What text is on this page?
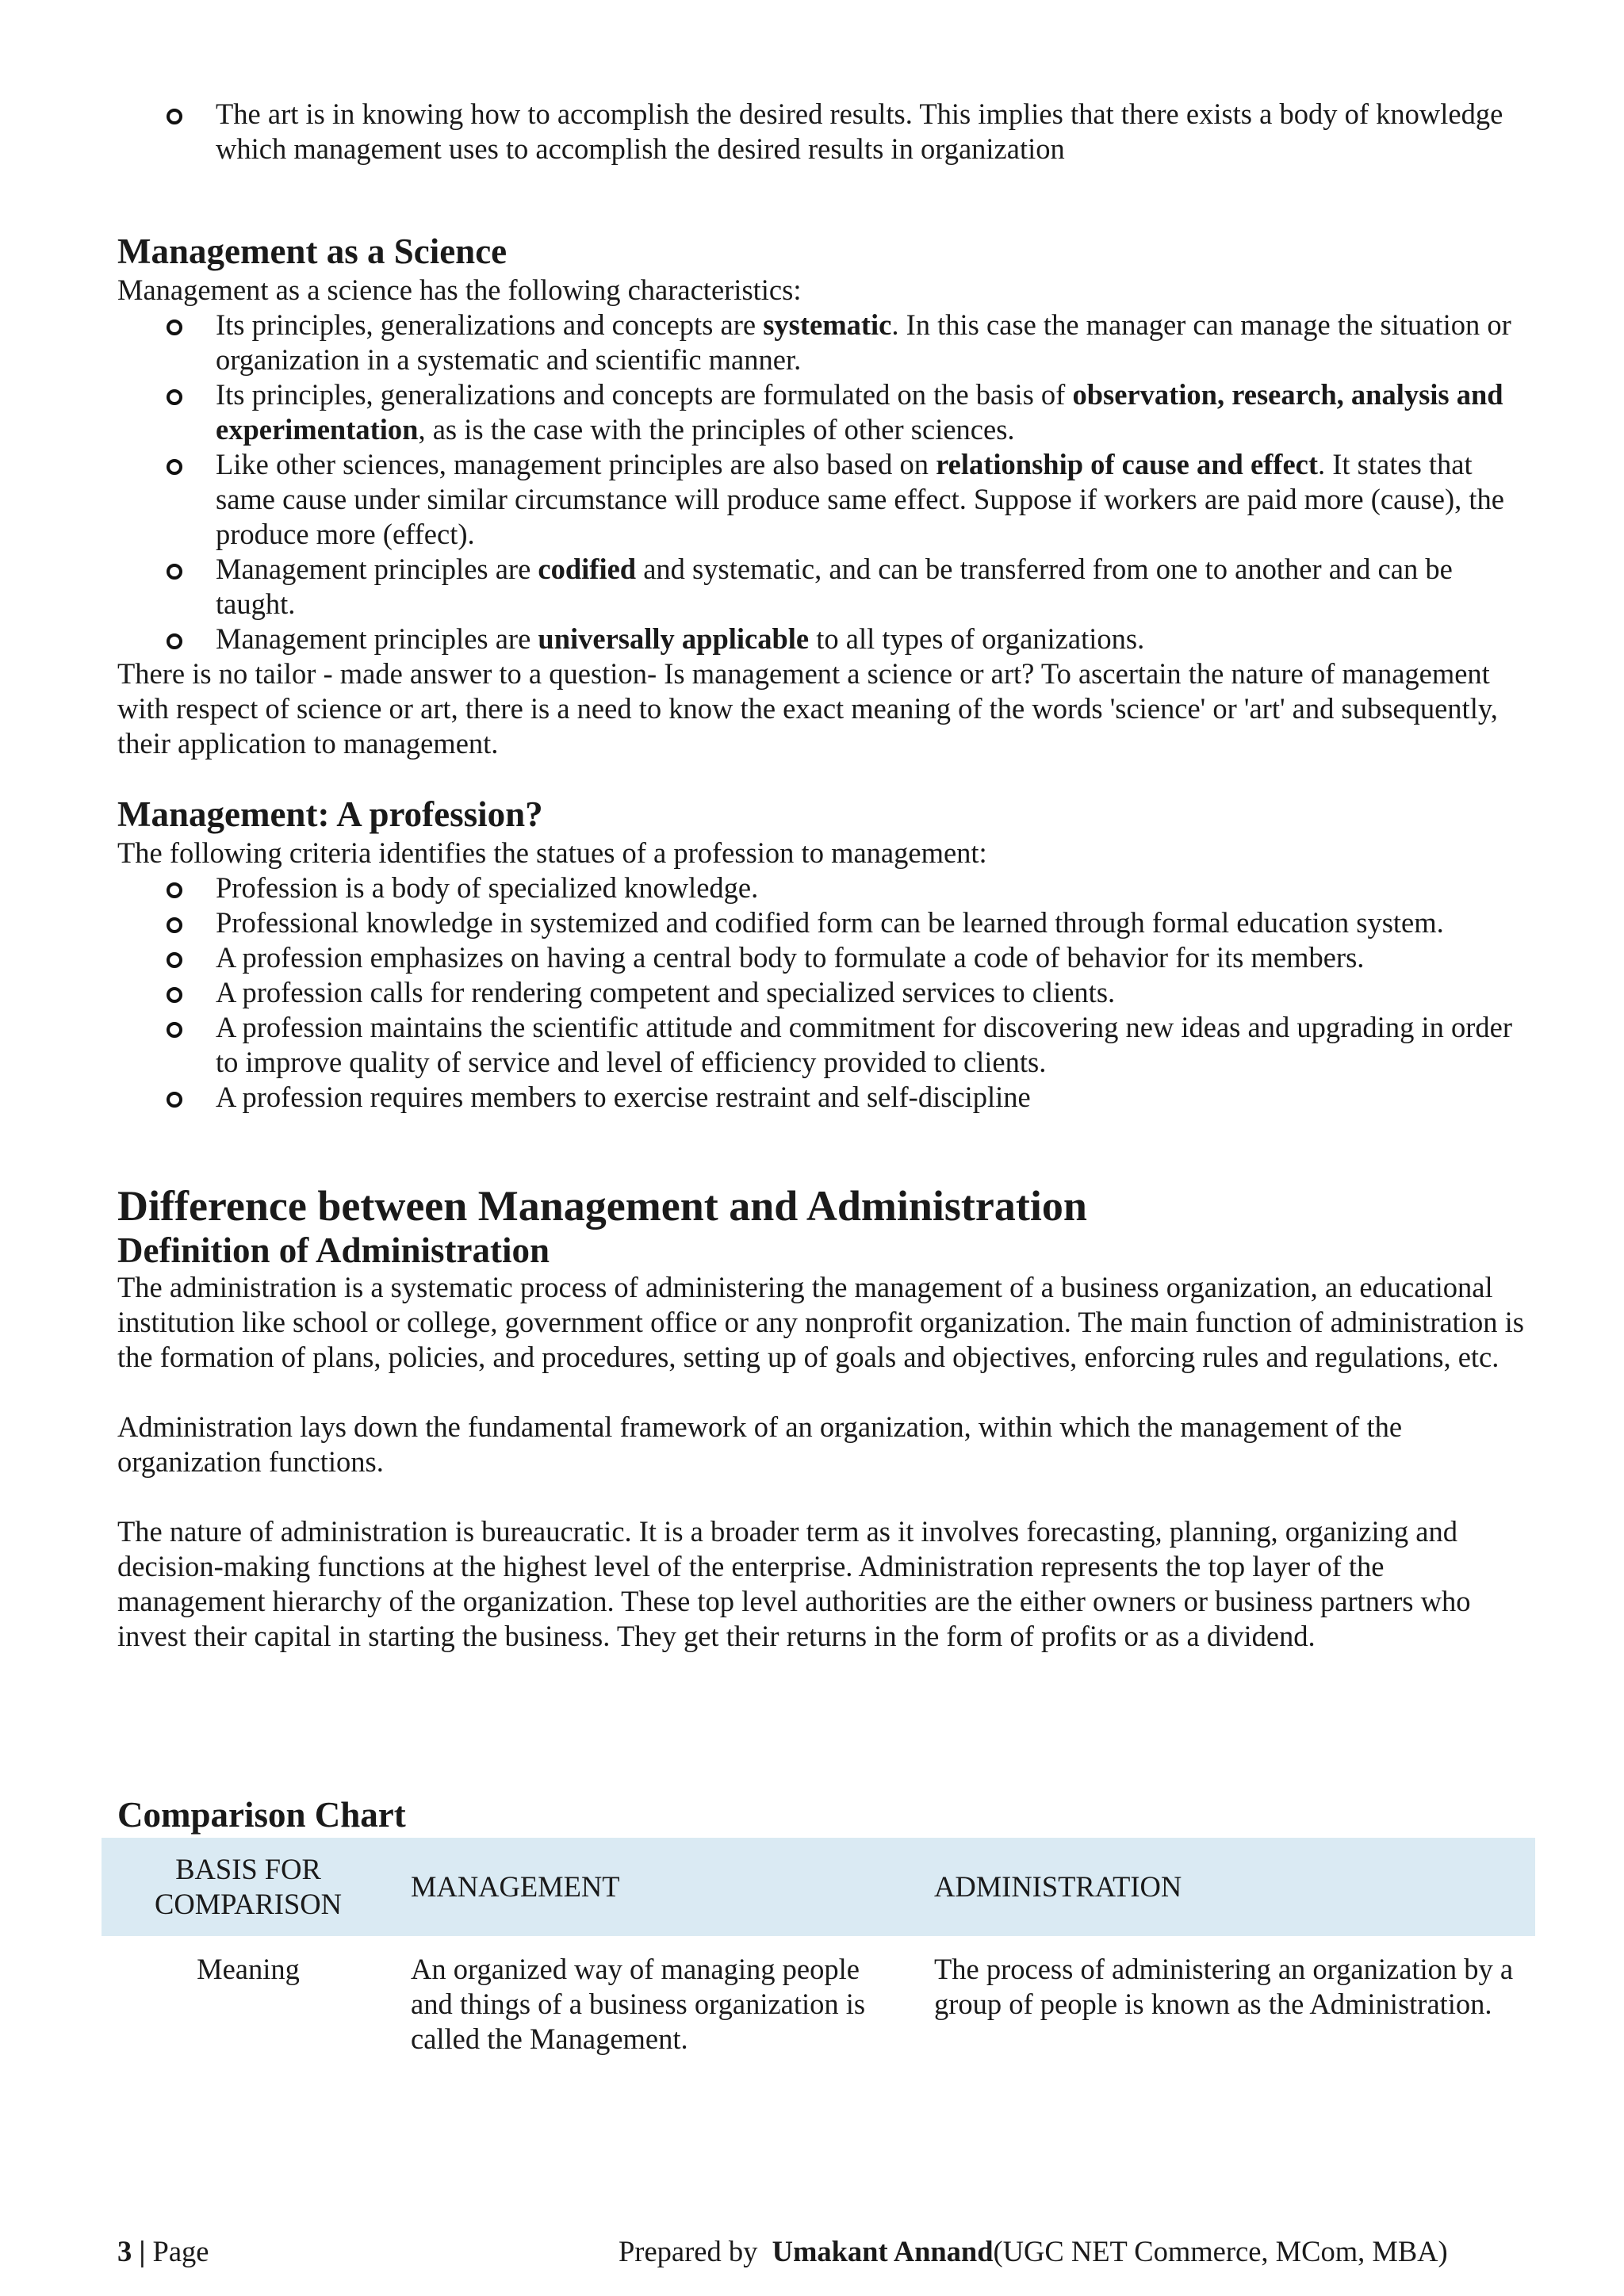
The art is in knowing how to accomplish the desired results. This implies that there exists a body of knowledge which management uses to accomplish the desired results in organization
Management as a Science

Management as a science has the following characteristics:

Its principles, generalizations and concepts are systematic. In this case the manager can manage the situation or organization in a systematic and scientific manner.
Its principles, generalizations and concepts are formulated on the basis of observation, research, analysis and experimentation, as is the case with the principles of other sciences.
Like other sciences, management principles are also based on relationship of cause and effect. It states that same cause under similar circumstance will produce same effect. Suppose if workers are paid more (cause), the produce more (effect).
Management principles are codified and systematic, and can be transferred from one to another and can be taught.
Management principles are universally applicable to all types of organizations.

There is no tailor - made answer to a question- Is management a science or art? To ascertain the nature of management with respect of science or art, there is a need to know the exact meaning of the words 'science' or 'art' and subsequently, their application to management.

Management: A profession?

The following criteria identifies the statues of a profession to management:

Profession is a body of specialized knowledge.
Professional knowledge in systemized and codified form can be learned through formal education system.
A profession emphasizes on having a central body to formulate a code of behavior for its members.
A profession calls for rendering competent and specialized services to clients.
A profession maintains the scientific attitude and commitment for discovering new ideas and upgrading in order to improve quality of service and level of efficiency provided to clients.
A profession requires members to exercise restraint and self-discipline
Difference between Management and Administration
Definition of Administration

The administration is a systematic process of administering the management of a business organization, an educational institution like school or college, government office or any nonprofit organization. The main function of administration is the formation of plans, policies, and procedures, setting up of goals and objectives, enforcing rules and regulations, etc.

Administration lays down the fundamental framework of an organization, within which the management of the organization functions.

The nature of administration is bureaucratic. It is a broader term as it involves forecasting, planning, organizing and decision-making functions at the highest level of the enterprise. Administration represents the top layer of the management hierarchy of the organization. These top level authorities are the either owners or business partners who invest their capital in starting the business. They get their returns in the form of profits or as a dividend.

Comparison Chart
BASIS FOR COMPARISON	MANAGEMENT	ADMINISTRATION
Meaning	An organized way of managing people and things of a business organization is called the Management.	The process of administering an organization by a group of people is known as the Administration.
3 | Page	Prepared by Umakant Annand(UGC NET Commerce, MCom, MBA)
